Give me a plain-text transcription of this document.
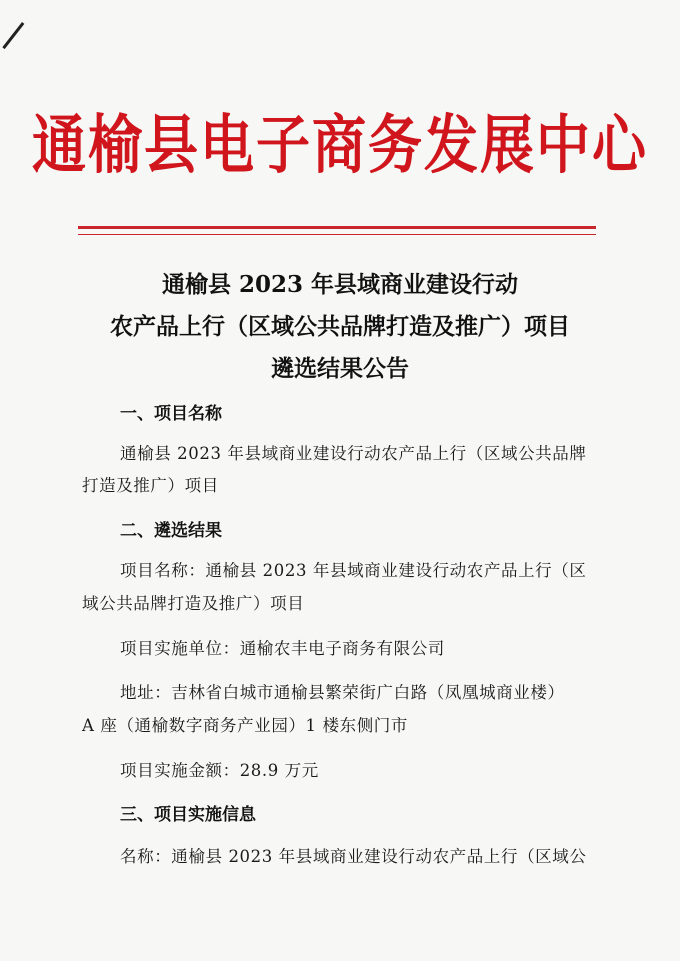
通榆县电子商务发展中心
通榆县 2023 年县域商业建设行动
农产品上行（区域公共品牌打造及推广）项目
遴选结果公告
一、项目名称
通榆县 2023 年县域商业建设行动农产品上行（区域公共品牌
打造及推广）项目
二、遴选结果
项目名称：通榆县 2023 年县域商业建设行动农产品上行（区
域公共品牌打造及推广）项目
项目实施单位：通榆农丰电子商务有限公司
地址：吉林省白城市通榆县繁荣街广白路（凤凰城商业楼）
A 座（通榆数字商务产业园）1 楼东侧门市
项目实施金额：28.9 万元
三、项目实施信息
名称：通榆县 2023 年县域商业建设行动农产品上行（区域公
